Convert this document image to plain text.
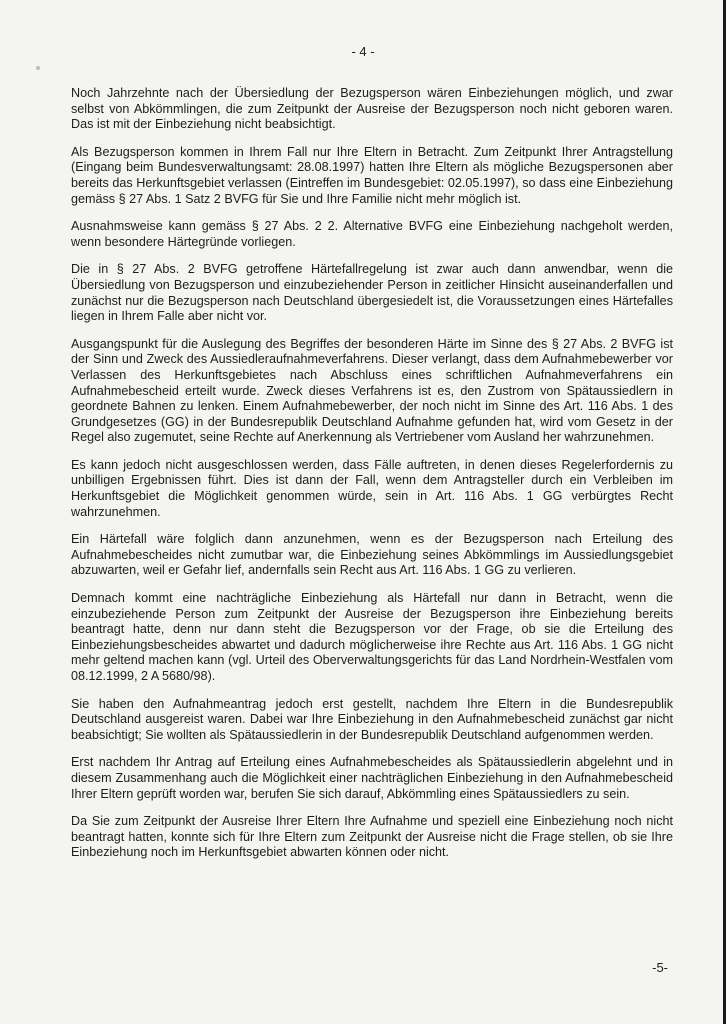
- 4 -

Noch Jahrzehnte nach der Übersiedlung der Bezugsperson wären Einbeziehungen möglich, und zwar selbst von Abkömmlingen, die zum Zeitpunkt der Ausreise der Bezugsperson noch nicht geboren waren. Das ist mit der Einbeziehung nicht beabsichtigt.

Als Bezugsperson kommen in Ihrem Fall nur Ihre Eltern in Betracht. Zum Zeitpunkt Ihrer Antragstellung (Eingang beim Bundesverwaltungsamt: 28.08.1997) hatten Ihre Eltern als mögliche Bezugspersonen aber bereits das Herkunftsgebiet verlassen (Eintreffen im Bundesgebiet: 02.05.1997), so dass eine Einbeziehung gemäss § 27 Abs. 1 Satz 2 BVFG für Sie und Ihre Familie nicht mehr möglich ist.

Ausnahmsweise kann gemäss § 27 Abs. 2 2. Alternative BVFG eine Einbeziehung nachgeholt werden, wenn besondere Härtegründe vorliegen.

Die in § 27 Abs. 2 BVFG getroffene Härtefallregelung ist zwar auch dann anwendbar, wenn die Übersiedlung von Bezugsperson und einzubeziehender Person in zeitlicher Hinsicht auseinanderfallen und zunächst nur die Bezugsperson nach Deutschland übergesiedelt ist, die Voraussetzungen eines Härtefalles liegen in Ihrem Falle aber nicht vor.

Ausgangspunkt für die Auslegung des Begriffes der besonderen Härte im Sinne des § 27 Abs. 2 BVFG ist der Sinn und Zweck des Aussiedleraufnahmeverfahrens. Dieser verlangt, dass dem Aufnahmebewerber vor Verlassen des Herkunftsgebietes nach Abschluss eines schriftlichen Aufnahmeverfahrens ein Aufnahmebescheid erteilt wurde. Zweck dieses Verfahrens ist es, den Zustrom von Spätaussiedlern in geordnete Bahnen zu lenken. Einem Aufnahmebewerber, der noch nicht im Sinne des Art. 116 Abs. 1 des Grundgesetzes (GG) in der Bundesrepublik Deutschland Aufnahme gefunden hat, wird vom Gesetz in der Regel also zugemutet, seine Rechte auf Anerkennung als Vertriebener vom Ausland her wahrzunehmen.

Es kann jedoch nicht ausgeschlossen werden, dass Fälle auftreten, in denen dieses Regelerfordernis zu unbilligen Ergebnissen führt. Dies ist dann der Fall, wenn dem Antragsteller durch ein Verbleiben im Herkunftsgebiet die Möglichkeit genommen würde, sein in Art. 116 Abs. 1 GG verbürgtes Recht wahrzunehmen.

Ein Härtefall wäre folglich dann anzunehmen, wenn es der Bezugsperson nach Erteilung des Aufnahmebescheides nicht zumutbar war, die Einbeziehung seines Abkömmlings im Aussiedlungsgebiet abzuwarten, weil er Gefahr lief, andernfalls sein Recht aus Art. 116 Abs. 1 GG zu verlieren.

Demnach kommt eine nachträgliche Einbeziehung als Härtefall nur dann in Betracht, wenn die einzubeziehende Person zum Zeitpunkt der Ausreise der Bezugsperson ihre Einbeziehung bereits beantragt hatte, denn nur dann steht die Bezugsperson vor der Frage, ob sie die Erteilung des Einbeziehungsbescheides abwartet und dadurch möglicherweise ihre Rechte aus Art. 116 Abs. 1 GG nicht mehr geltend machen kann (vgl. Urteil des Oberverwaltungsgerichts für das Land Nordrhein-Westfalen vom 08.12.1999, 2 A 5680/98).

Sie haben den Aufnahmeantrag jedoch erst gestellt, nachdem Ihre Eltern in die Bundesrepublik Deutschland ausgereist waren. Dabei war Ihre Einbeziehung in den Aufnahmebescheid zunächst gar nicht beabsichtigt; Sie wollten als Spätaussiedlerin in der Bundesrepublik Deutschland aufgenommen werden.

Erst nachdem Ihr Antrag auf Erteilung eines Aufnahmebescheides als Spätaussiedlerin abgelehnt und in diesem Zusammenhang auch die Möglichkeit einer nachträglichen Einbeziehung in den Aufnahmebescheid Ihrer Eltern geprüft worden war, berufen Sie sich darauf, Abkömmling eines Spätaussiedlers zu sein.

Da Sie zum Zeitpunkt der Ausreise Ihrer Eltern Ihre Aufnahme und speziell eine Einbeziehung noch nicht beantragt hatten, konnte sich für Ihre Eltern zum Zeitpunkt der Ausreise nicht die Frage stellen, ob sie Ihre Einbeziehung noch im Herkunftsgebiet abwarten können oder nicht.

-5-
